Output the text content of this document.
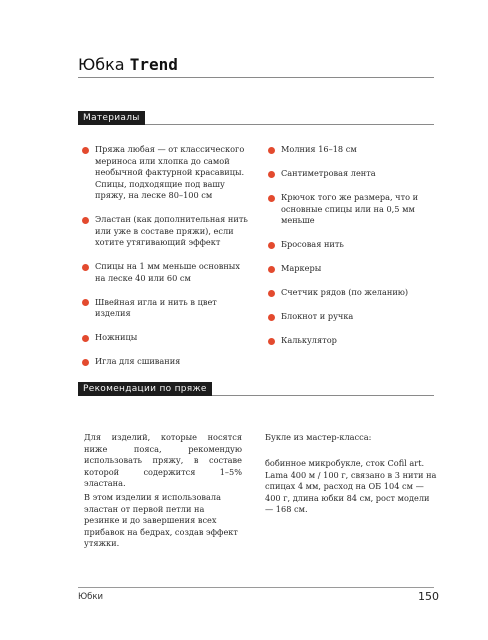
Юбка Trend
Материалы
Пряжа любая — от классического мериноса или хлопка до самой необычной фактурной красавицы. Спицы, подходящие под вашу пряжу, на леске 80–100 см
Эластан (как дополнительная нить или уже в составе пряжи), если хотите утягивающий эффект
Спицы на 1 мм меньше основных на леске 40 или 60 см
Швейная игла и нить в цвет изделия
Ножницы
Игла для сшивания
Молния 16–18 см
Сантиметровая лента
Крючок того же размера, что и основные спицы или на 0,5 мм меньше
Бросовая нить
Маркеры
Счетчик рядов (по желанию)
Блокнот и ручка
Калькулятор
Рекомендации по пряже

Для изделий, которые носятся ниже пояса, рекомендую использовать пряжу, в составе которой содержится 1–5% эластана.

В этом изделии я использовала эластан от первой петли на резинке и до завершения всех прибавок на бедрах, создав эффект утяжки.

Букле из мастер-класса:

бобинное микробукле, сток Cofil art. Lama 400 м / 100 г, связано в 3 нити на спицах 4 мм, расход на ОБ 104 см — 400 г, длина юбки 84 см, рост модели — 168 см.

Юбки	150
